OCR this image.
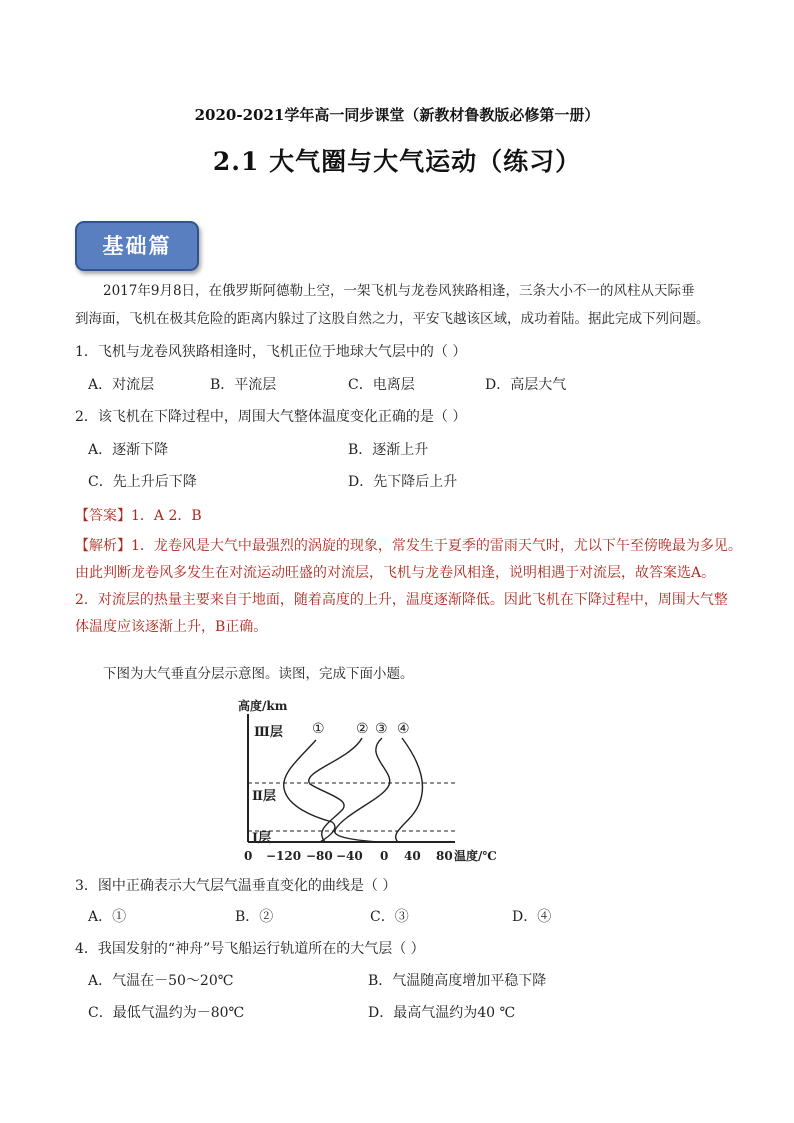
2020-2021学年高一同步课堂（新教材鲁教版必修第一册）
2.1 大气圈与大气运动（练习）
基础篇
2017年9月8日，在俄罗斯阿德勒上空，一架飞机与龙卷风狭路相逢，三条大小不一的风柱从天际垂
到海面，飞机在极其危险的距离内躲过了这股自然之力，平安飞越该区域，成功着陆。据此完成下列问题。
1．飞机与龙卷风狭路相逢时，飞机正位于地球大气层中的（ ）
A．对流层	B．平流层	C．电离层	D．高层大气
2．该飞机在下降过程中，周围大气整体温度变化正确的是（ ）
A．逐渐下降	B．逐渐上升
C．先上升后下降	D．先下降后上升
【答案】1．A 2．B
【解析】1．龙卷风是大气中最强烈的涡旋的现象，常发生于夏季的雷雨天气时，尤以下午至傍晚最为多见。
由此判断龙卷风多发生在对流运动旺盛的对流层，飞机与龙卷风相逢，说明相遇于对流层，故答案选A。
2．对流层的热量主要来自于地面，随着高度的上升，温度逐渐降低。因此飞机在下降过程中，周围大气整
体温度应该逐渐上升，B正确。
下图为大气垂直分层示意图。读图，完成下面小题。
高度/km
Ⅲ层
Ⅱ层
Ⅰ层
① ② ③ ④
0 −120 −80 −40 0 40 80 温度/℃
3．图中正确表示大气层气温垂直变化的曲线是（ ）
A．①	B．②	C．③	D．④
4．我国发射的“神舟”号飞船运行轨道所在的大气层（ ）
A．气温在－50～20℃	B．气温随高度增加平稳下降
C．最低气温约为－80℃	D．最高气温约为40 ℃
